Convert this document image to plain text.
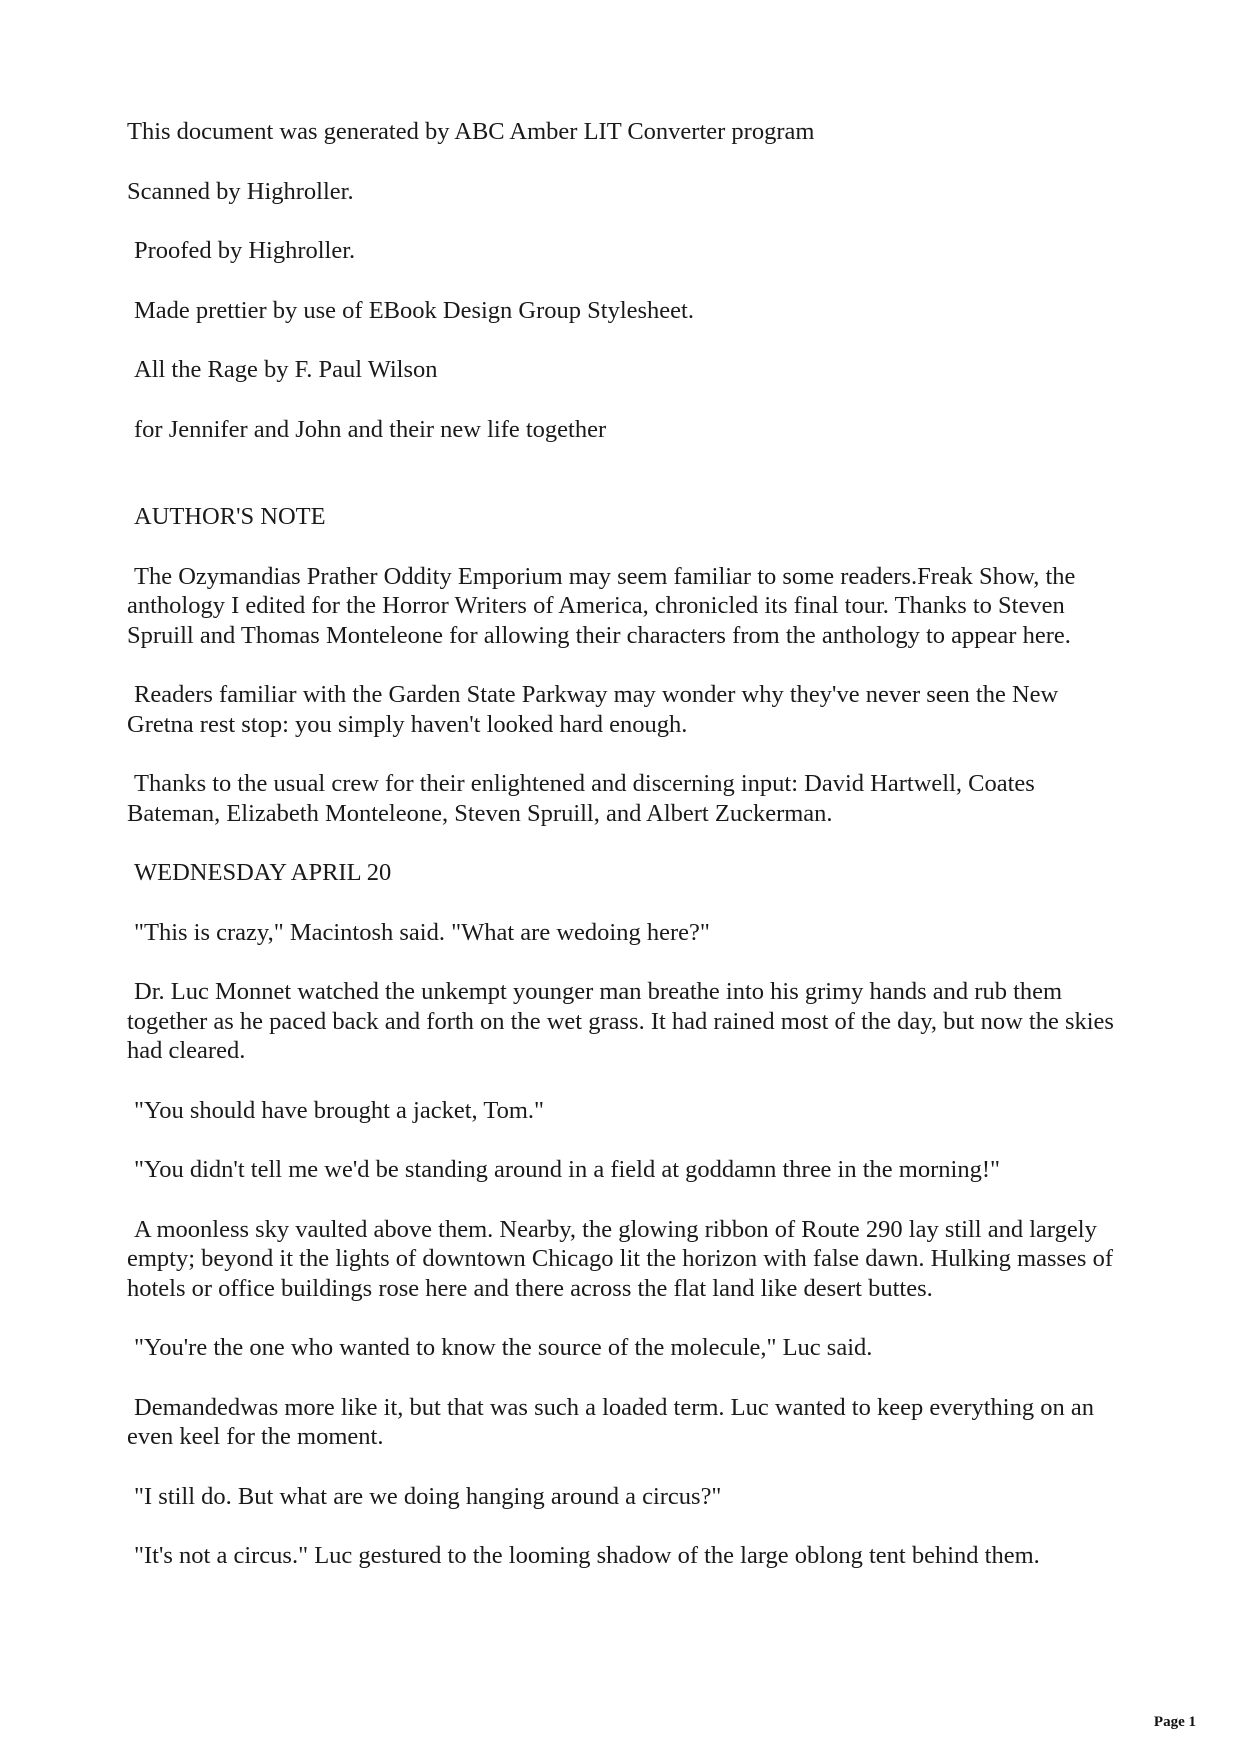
This document was generated by ABC Amber LIT Converter program

Scanned by Highroller.

Proofed by Highroller.

Made prettier by use of EBook Design Group Stylesheet.

All the Rage by F. Paul Wilson

for Jennifer and John and their new life together

AUTHOR'S NOTE

The Ozymandias Prather Oddity Emporium may seem familiar to some readers.Freak Show, the anthology I edited for the Horror Writers of America, chronicled its final tour. Thanks to Steven Spruill and Thomas Monteleone for allowing their characters from the anthology to appear here.

Readers familiar with the Garden State Parkway may wonder why they've never seen the New Gretna rest stop: you simply haven't looked hard enough.

Thanks to the usual crew for their enlightened and discerning input: David Hartwell, Coates Bateman, Elizabeth Monteleone, Steven Spruill, and Albert Zuckerman.

WEDNESDAY APRIL 20

"This is crazy," Macintosh said. "What are wedoing here?"

Dr. Luc Monnet watched the unkempt younger man breathe into his grimy hands and rub them together as he paced back and forth on the wet grass. It had rained most of the day, but now the skies had cleared.

"You should have brought a jacket, Tom."

"You didn't tell me we'd be standing around in a field at goddamn three in the morning!"

A moonless sky vaulted above them. Nearby, the glowing ribbon of Route 290 lay still and largely empty; beyond it the lights of downtown Chicago lit the horizon with false dawn. Hulking masses of hotels or office buildings rose here and there across the flat land like desert buttes.

"You're the one who wanted to know the source of the molecule," Luc said.

Demandedwas more like it, but that was such a loaded term. Luc wanted to keep everything on an even keel for the moment.

"I still do. But what are we doing hanging around a circus?"

"It's not a circus." Luc gestured to the looming shadow of the large oblong tent behind them.

Page 1
